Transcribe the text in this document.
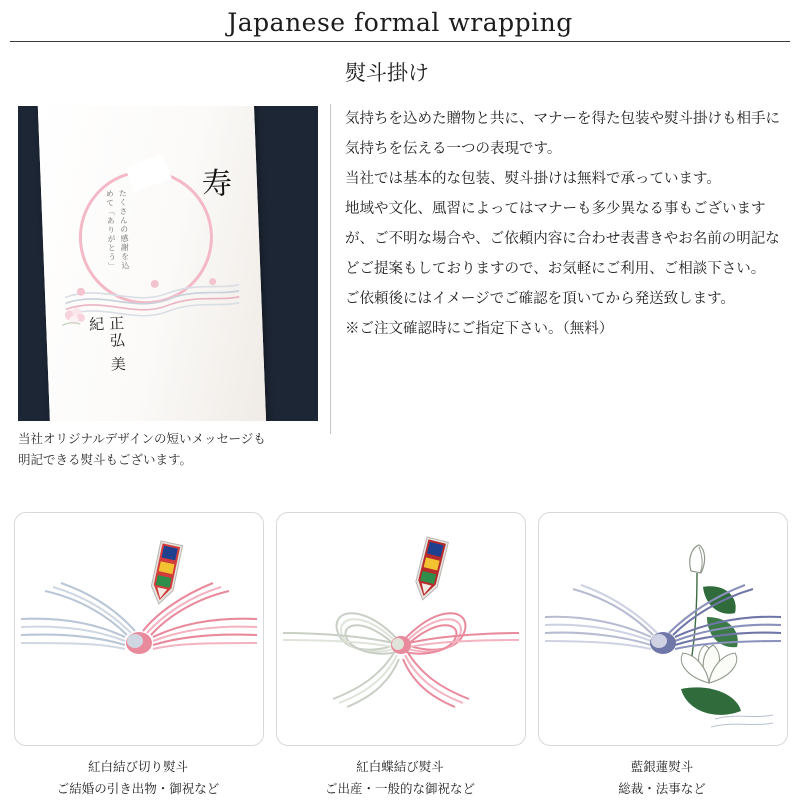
Japanese formal wrapping
熨斗掛け
寿
たくさんの感謝を込めて「ありがとう」
正弘 美紀
当社オリジナルデザインの短いメッセージも
明記できる熨斗もございます。

気持ちを込めた贈物と共に、マナーを得た包装や熨斗掛けも相手に気持ちを伝える一つの表現です。

当社では基本的な包装、熨斗掛けは無料で承っています。

地域や文化、風習によってはマナーも多少異なる事もございますが、ご不明な場合や、ご依頼内容に合わせ表書きやお名前の明記などご提案もしておりますので、お気軽にご利用、ご相談下さい。

ご依頼後にはイメージでご確認を頂いてから発送致します。

※ご注文確認時にご指定下さい。（無料）

紅白結び切り熨斗
ご結婚の引き出物・御祝など
紅白蝶結び熨斗
ご出産・一般的な御祝など
藍銀蓮熨斗
総裁・法事など
